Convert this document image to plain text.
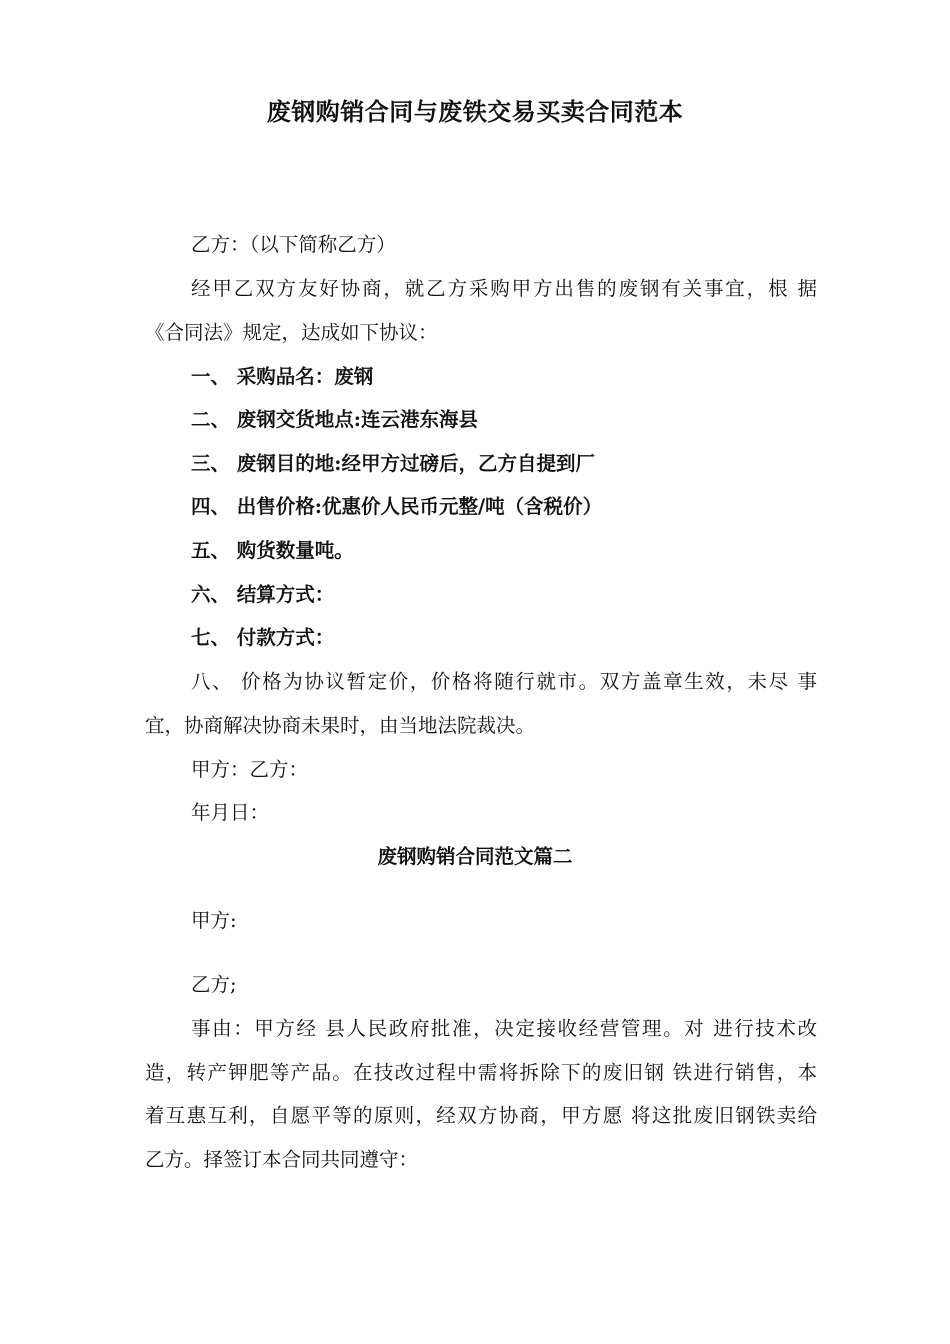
废钢购销合同与废铁交易买卖合同范本
乙方：（以下简称乙方）
经甲乙双方友好协商，就乙方采购甲方出售的废钢有关事宜，根 据
《合同法》规定，达成如下协议：
一、 采购品名：废钢
二、 废钢交货地点:连云港东海县
三、 废钢目的地:经甲方过磅后，乙方自提到厂
四、 出售价格:优惠价人民币元整/吨（含税价）
五、 购货数量吨。
六、 结算方式：
七、 付款方式：
八、 价格为协议暂定价，价格将随行就市。双方盖章生效，未尽 事
宜，协商解决协商未果时，由当地法院裁决。
甲方：乙方：
年月日：
废钢购销合同范文篇二
甲方:
乙方;
事由：甲方经 县人民政府批准，决定接收经营管理。对 进行技术改
造，转产钾肥等产品。在技改过程中需将拆除下的废旧钢 铁进行销售，本
着互惠互利，自愿平等的原则，经双方协商，甲方愿 将这批废旧钢铁卖给
乙方。择签订本合同共同遵守：
